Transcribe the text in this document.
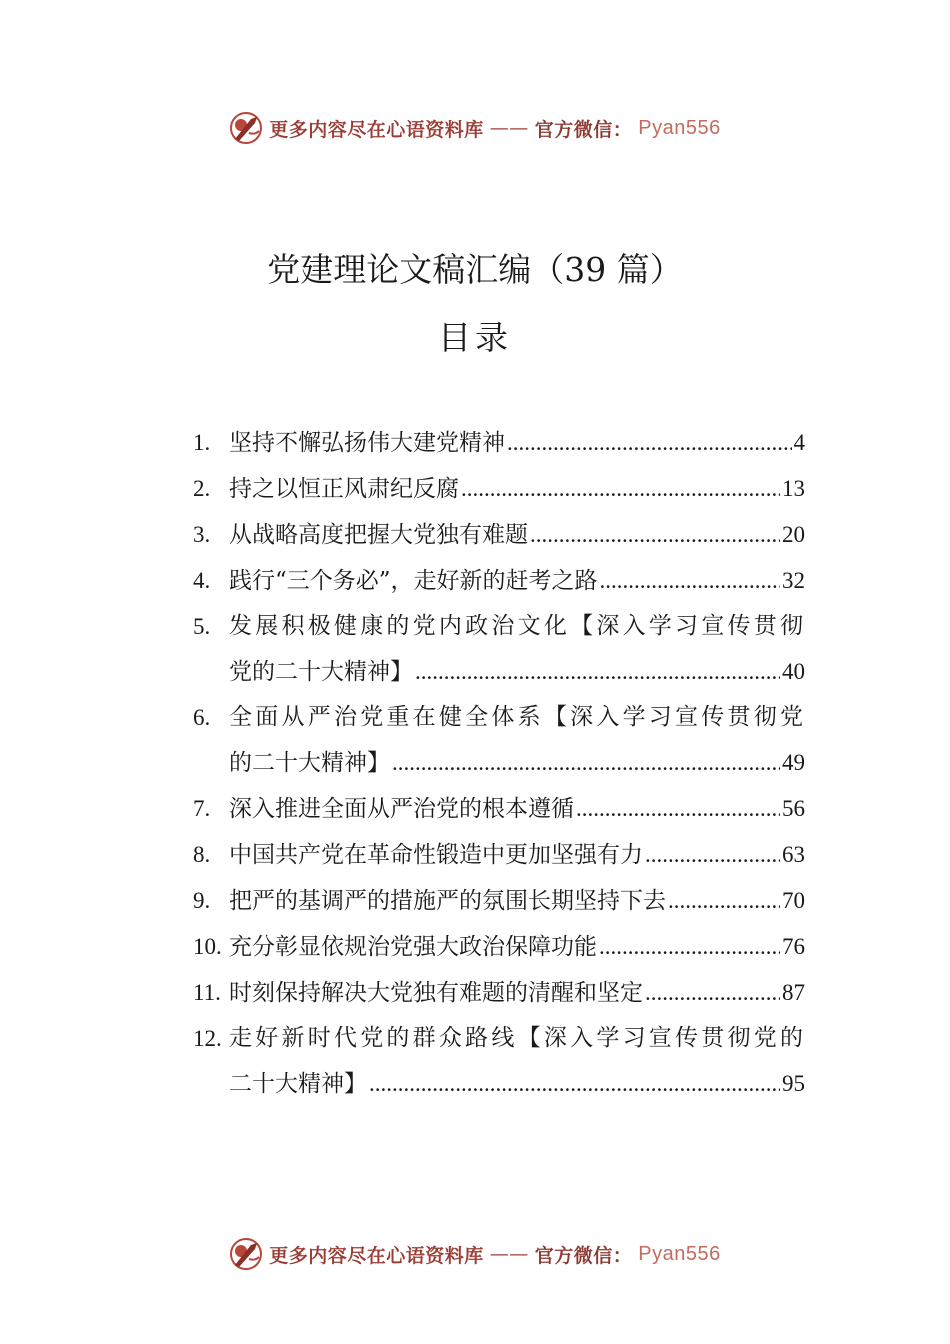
更多内容尽在心语资料库 —— 官方微信： Pyan556
党建理论文稿汇编（39 篇）
目录
1. 坚持不懈弘扬伟大建党精神 .....	4
2. 持之以恒正风肃纪反腐 .....	13
3. 从战略高度把握大党独有难题 .....	20
4. 践行“三个务必”，走好新的赶考之路 .....	32
5. 发展积极健康的党内政治文化【深入学习宣传贯彻
党的二十大精神】 .....	40
6. 全面从严治党重在健全体系【深入学习宣传贯彻党
的二十大精神】 .....	49
7. 深入推进全面从严治党的根本遵循 .....	56
8. 中国共产党在革命性锻造中更加坚强有力 .....	63
9. 把严的基调严的措施严的氛围长期坚持下去 .....	70
10. 充分彰显依规治党强大政治保障功能 .....	76
11. 时刻保持解决大党独有难题的清醒和坚定 .....	87
12. 走好新时代党的群众路线【深入学习宣传贯彻党的
二十大精神】 .....	95
更多内容尽在心语资料库 —— 官方微信： Pyan556
